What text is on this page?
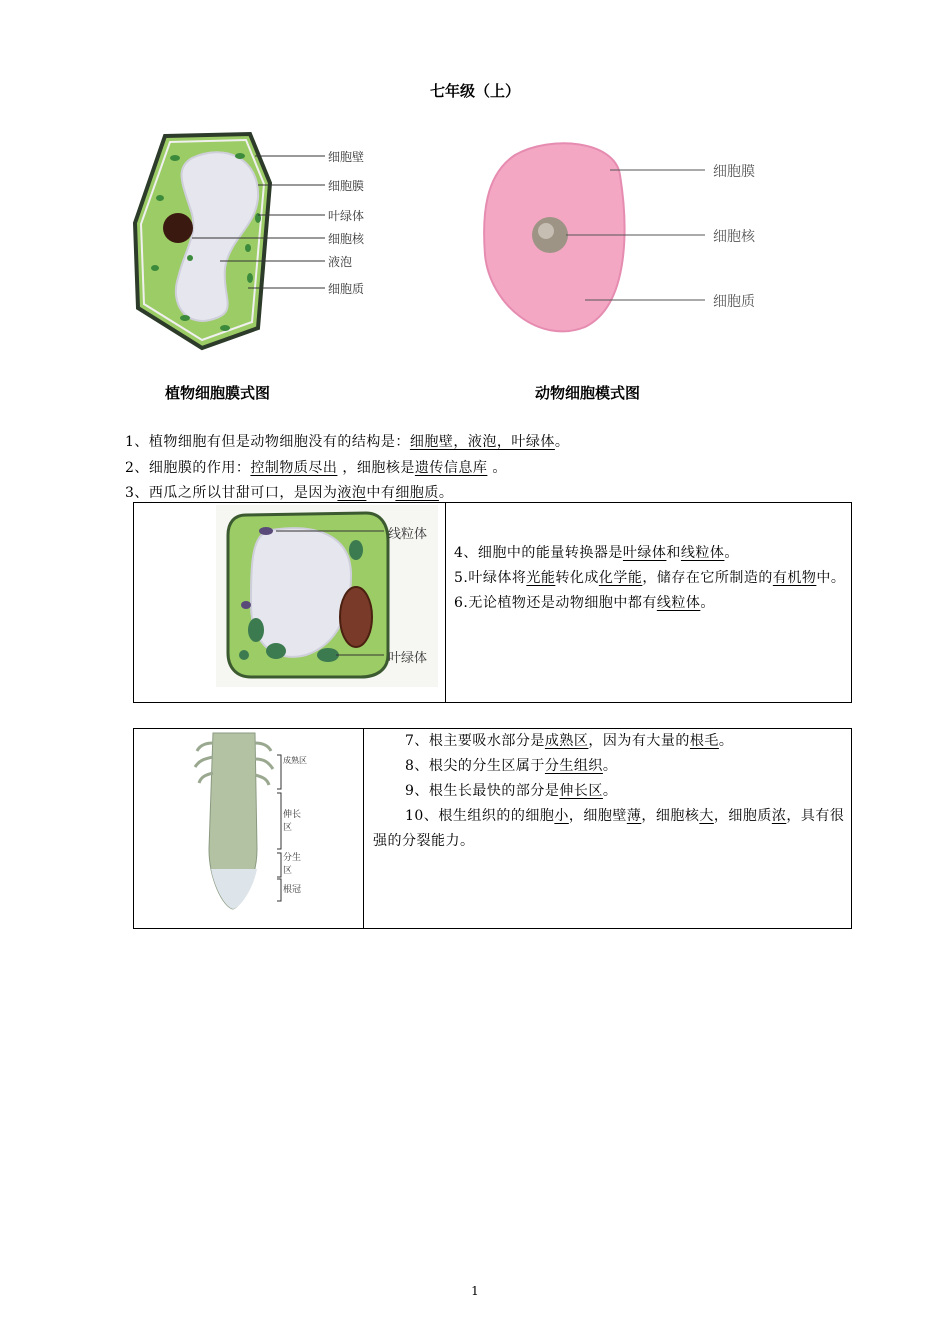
七年级（上）
细胞壁
细胞膜
叶绿体
细胞核
液泡
细胞质
细胞膜
细胞核
细胞质
植物细胞膜式图	动物细胞模式图
1、植物细胞有但是动物细胞没有的结构是：细胞壁，液泡，叶绿体。
2、细胞膜的作用：控制物质尽出 ，细胞核是遗传信息库 。
3、西瓜之所以甘甜可口，是因为液泡中有细胞质。
线粒体
叶绿体
4、细胞中的能量转换器是叶绿体和线粒体。
5.叶绿体将光能转化成化学能，储存在它所制造的有机物中。
6.无论植物还是动物细胞中都有线粒体。
成熟区
伸长区
分生区
根冠
7、根主要吸水部分是成熟区，因为有大量的根毛。
8、根尖的分生区属于分生组织。
9、根生长最快的部分是伸长区。
10、根生组织的的细胞小，细胞壁薄，细胞核大，细胞质浓，具有很强的分裂能力。
1
